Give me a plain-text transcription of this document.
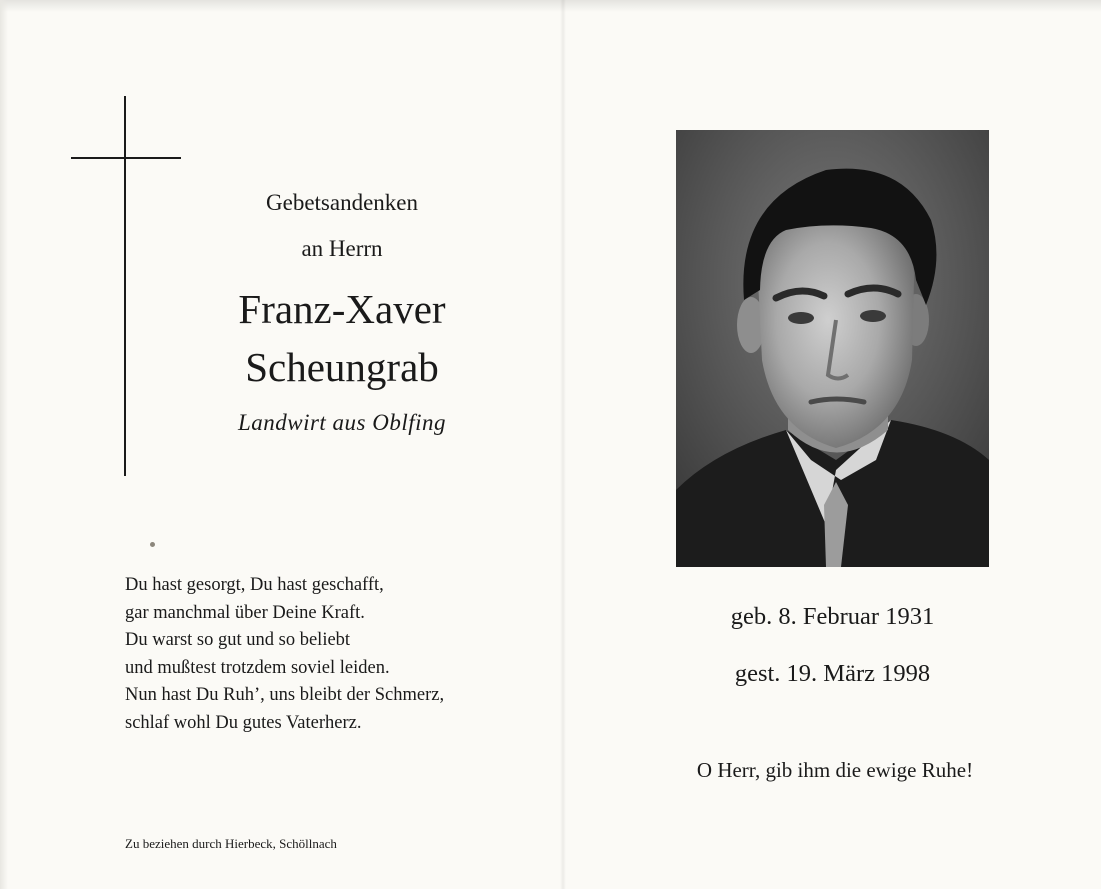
Gebetsandenken
an Herrn
Franz-Xaver
Scheungrab
Landwirt aus Oblfing
Du hast gesorgt, Du hast geschafft,
gar manchmal über Deine Kraft.
Du warst so gut und so beliebt
und mußtest trotzdem soviel leiden.
Nun hast Du Ruh’, uns bleibt der Schmerz,
schlaf wohl Du gutes Vaterherz.
Zu beziehen durch Hierbeck, Schöllnach
geb. 8. Februar 1931
gest. 19. März 1998
O Herr, gib ihm die ewige Ruhe!
